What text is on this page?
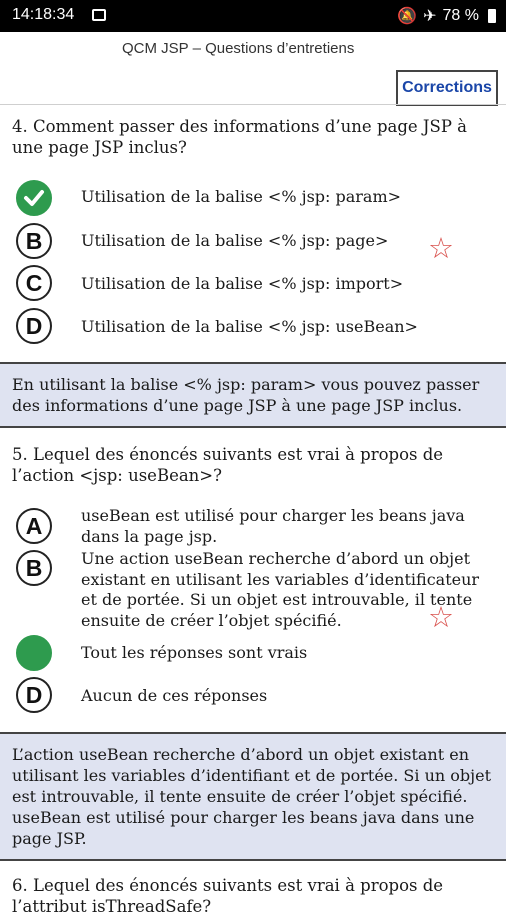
14:18:34	🔕 ✈ 78 %
QCM JSP – Questions d’entretiens
Corrections
4. Comment passer des informations d’une page JSP à une page JSP inclus?
Utilisation de la balise <% jsp: param>
B	Utilisation de la balise <% jsp: page>	☆
C	Utilisation de la balise <% jsp: import>
D	Utilisation de la balise <% jsp: useBean>
En utilisant la balise <% jsp: param> vous pouvez passer des informations d’une page JSP à une page JSP inclus.
5. Lequel des énoncés suivants est vrai à propos de l’action <jsp: useBean>?
A	useBean est utilisé pour charger les beans java dans la page jsp.
B	Une action useBean recherche d’abord un objet existant en utilisant les variables d’identificateur et de portée. Si un objet est introuvable, il tente ensuite de créer l’objet spécifié.	☆
Tout les réponses sont vrais
D	Aucun de ces réponses
L’action useBean recherche d’abord un objet existant en utilisant les variables d’identifiant et de portée. Si un objet est introuvable, il tente ensuite de créer l’objet spécifié. useBean est utilisé pour charger les beans java dans une page JSP.
6. Lequel des énoncés suivants est vrai à propos de l’attribut isThreadSafe?
